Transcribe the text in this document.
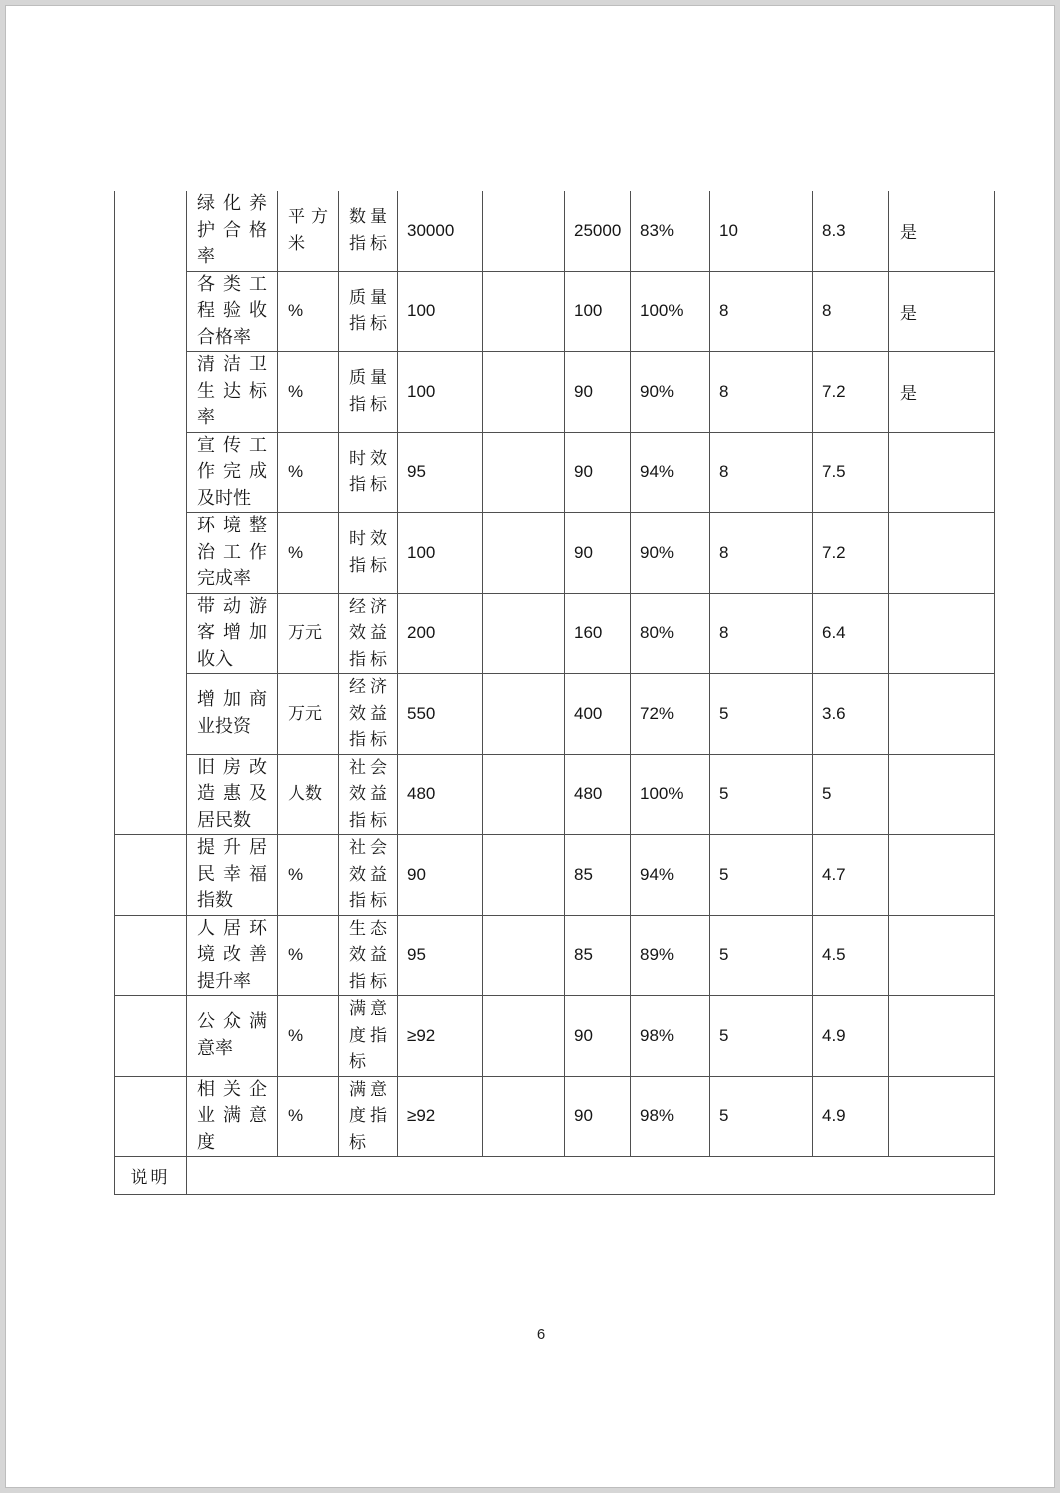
	绿化养护合格率	平方米	数量指标	30000		25000	83%	10	8.3	是

	各类工程验收合格率	%	质量指标	100		100	100%	8	8	是

	清洁卫生达标率	%	质量指标	100		90	90%	8	7.2	是

	宣传工作完成及时性	%	时效指标	95		90	94%	8	7.5	

	环境整治工作完成率	%	时效指标	100		90	90%	8	7.2	

	带动游客增加收入	万元	经济效益指标	200		160	80%	8	6.4	

	增加商业投资	万元	经济效益指标	550		400	72%	5	3.6	

	旧房改造惠及居民数	人数	社会效益指标	480		480	100%	5	5	

	提升居民幸福指数	%	社会效益指标	90		85	94%	5	4.7	

	人居环境改善提升率	%	生态效益指标	95		85	89%	5	4.5	

	公众满意率	%	满意度指标	≥92		90	98%	5	4.9	

	相关企业满意度	%	满意度指标	≥92		90	98%	5	4.9	
说明										
6
